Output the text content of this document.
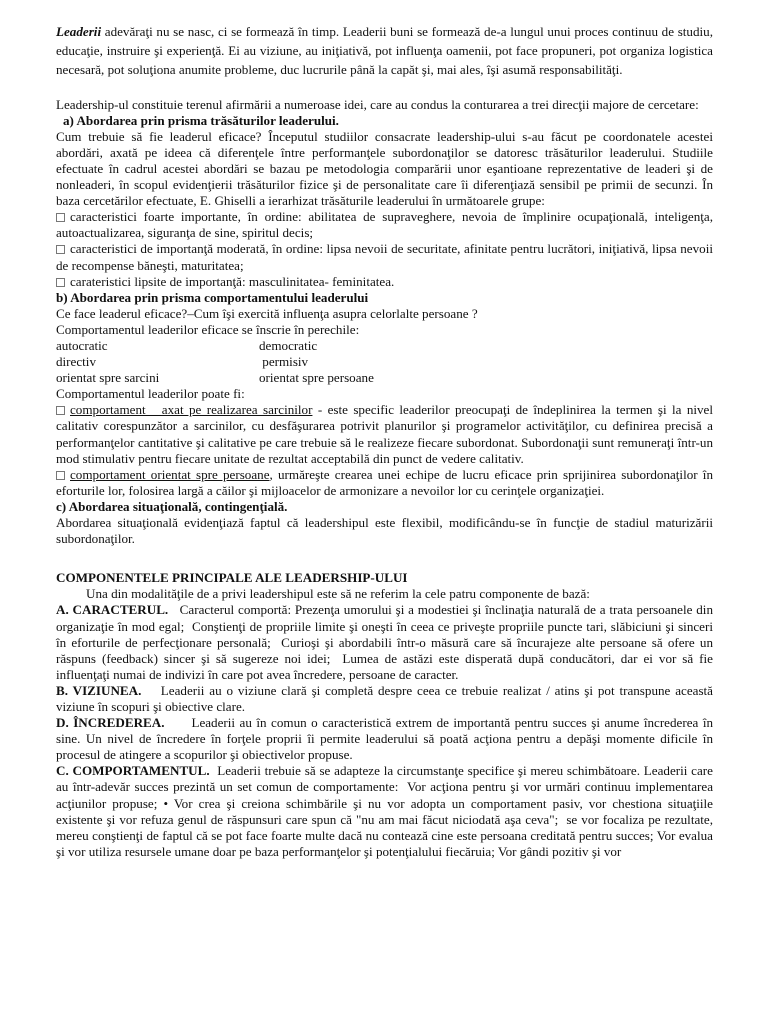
Leaderii adevăraţi nu se nasc, ci se formează în timp. Leaderii buni se formează de-a lungul unui proces continuu de studiu, educaţie, instruire şi experienţă. Ei au viziune, au iniţiativă, pot influenţa oamenii, pot face propuneri, pot organiza logistica necesară, pot soluţiona anumite probleme, duc lucrurile până la capăt şi, mai ales, îşi asumă responsabilităţi.

Leadership-ul constituie terenul afirmării a numeroase idei, care au condus la conturarea a trei direcţii majore de cercetare:

a) Abordarea prin prisma trăsăturilor leaderului.

Cum trebuie să fie leaderul eficace? Începutul studiilor consacrate leadership-ului s-au făcut pe coordonatele acestei abordări, axată pe ideea că diferenţele între performanţele subordonaţilor se datoresc trăsăturilor leaderului. Studiile efectuate în cadrul acestei abordări se bazau pe metodologia comparării unor eşantioane reprezentative de leaderi şi de nonleaderi, în scopul evidenţierii trăsăturilor fizice şi de personalitate care îi diferenţiază sensibil pe primii de secunzi. În baza cercetărilor efectuate, E. Ghiselli a ierarhizat trăsăturile leaderului în următoarele grupe:

caracteristici foarte importante, în ordine: abilitatea de supraveghere, nevoia de împlinire ocupaţională, inteligenţa, autoactualizarea, siguranţa de sine, spiritul decis;

caracteristici de importanţă moderată, în ordine: lipsa nevoii de securitate, afinitate pentru lucrători, iniţiativă, lipsa nevoii de recompense băneşti, maturitatea;

carateristici lipsite de importanţă: masculinitatea- feminitatea.

b) Abordarea prin prisma comportamentului leaderului

Ce face leaderul eficace?–Cum îşi exercită influenţa asupra celorlalte persoane ?

Comportamentul leaderilor eficace se înscrie în perechile:

autocratic	democratic
directiv	permisiv
orientat spre sarcini	orientat spre persoane

Comportamentul leaderilor poate fi:

comportament   axat pe realizarea sarcinilor - este specific leaderilor preocupaţi de îndeplinirea la termen şi la nivel calitativ corespunzător a sarcinilor, cu desfăşurarea potrivit planurilor şi programelor activităţilor, cu definirea precisă a performanţelor cantitative şi calitative pe care trebuie să le realizeze fiecare subordonat. Subordonaţii sunt remuneraţi într-un mod stimulativ pentru fiecare unitate de rezultat acceptabilă din punct de vedere calitativ.

comportament orientat spre persoane, urmăreşte crearea unei echipe de lucru eficace prin sprijinirea subordonaţilor în eforturile lor, folosirea largă a căilor şi mijloacelor de armonizare a nevoilor lor cu cerinţele organizaţiei.

c) Abordarea situaţională, contingenţială.

Abordarea situaţională evidenţiază faptul că leadershipul este flexibil, modificându-se în funcţie de stadiul maturizării subordonaţilor.

COMPONENTELE PRINCIPALE ALE LEADERSHIP-ULUI

Una din modalităţile de a privi leadershipul este să ne referim la cele patru componente de bază:

A. CARACTERUL.   Caracterul comportă: Prezenţa umorului şi a modestiei şi înclinaţia naturală de a trata persoanele din organizaţie în mod egal;  Conştienţi de propriile limite şi oneşti în ceea ce priveşte propriile puncte tari, slăbiciuni şi sinceri în eforturile de perfecţionare personală;  Curioşi şi abordabili într-o măsură care să încurajeze alte persoane să ofere un răspuns (feedback) sincer şi să sugereze noi idei;  Lumea de astăzi este disperată după conducători, dar ei vor să fie influenţaţi numai de indivizi în care pot avea încredere, persoane de caracter.

B. VIZIUNEA.    Leaderii au o viziune clară şi completă despre ceea ce trebuie realizat / atins şi pot transpune această viziune în scopuri şi obiective clare.

D. ÎNCREDEREA.      Leaderii au în comun o caracteristică extrem de importantă pentru succes şi anume încrederea în sine. Un nivel de încredere în forţele proprii îi permite leaderului să poată acţiona pentru a depăşi momente dificile în procesul de atingere a scopurilor şi obiectivelor propuse.

C. COMPORTAMENTUL.  Leaderii trebuie să se adapteze la circumstanţe specifice şi mereu schimbătoare. Leaderii care au într-adevăr succes prezintă un set comun de comportamente:  Vor acţiona pentru şi vor urmări continuu implementarea acţiunilor propuse; • Vor crea şi creiona schimbările şi nu vor adopta un comportament pasiv, vor chestiona situaţiile existente şi vor refuza genul de răspunsuri care spun că "nu am mai făcut niciodată aşa ceva";  se vor focaliza pe rezultate, mereu conştienţi de faptul că se pot face foarte multe dacă nu contează cine este persoana creditată pentru succes; Vor evalua şi vor utiliza resursele umane doar pe baza performanţelor şi potenţialului fiecăruia; Vor gândi pozitiv şi vor
